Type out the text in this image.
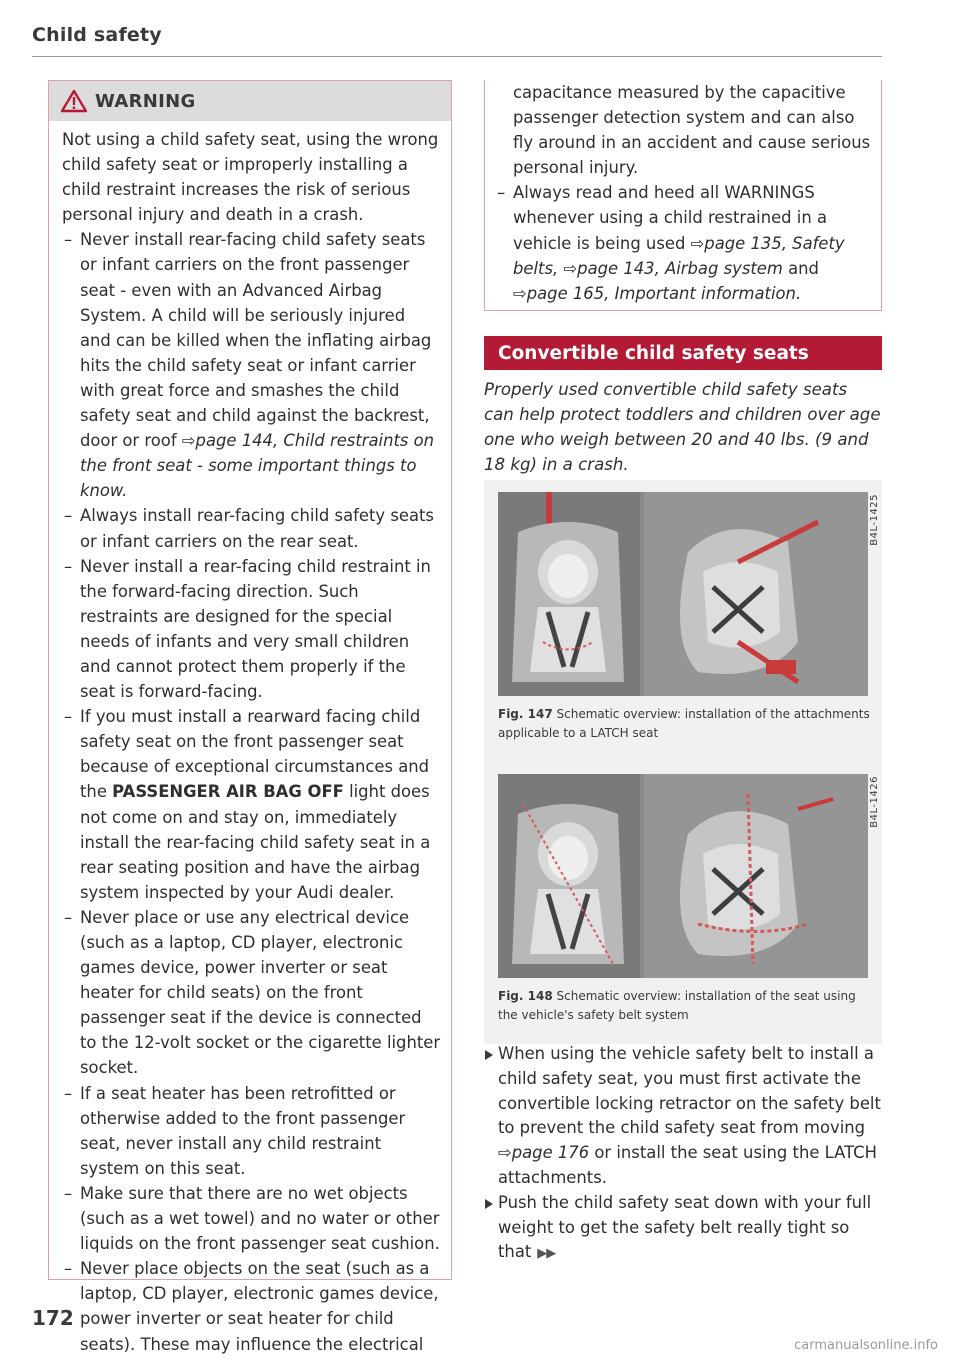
Child safety
WARNING

Not using a child safety seat, using the wrong child safety seat or improperly installing a child restraint increases the risk of serious personal injury and death in a crash.

– Never install rear-facing child safety seats or infant carriers on the front passenger seat - even with an Advanced Airbag System. A child will be seriously injured and can be killed when the inflating airbag hits the child safety seat or infant carrier with great force and smashes the child safety seat and child against the backrest, door or roof ⇨page 144, Child restraints on the front seat - some important things to know.
– Always install rear-facing child safety seats or infant carriers on the rear seat.
– Never install a rear-facing child restraint in the forward-facing direction. Such restraints are designed for the special needs of infants and very small children and cannot protect them properly if the seat is forward-facing.
– If you must install a rearward facing child safety seat on the front passenger seat because of exceptional circumstances and the PASSENGER AIR BAG OFF light does not come on and stay on, immediately install the rear-facing child safety seat in a rear seating position and have the airbag system inspected by your Audi dealer.
– Never place or use any electrical device (such as a laptop, CD player, electronic games device, power inverter or seat heater for child seats) on the front passenger seat if the device is connected to the 12-volt socket or the cigarette lighter socket.
– If a seat heater has been retrofitted or otherwise added to the front passenger seat, never install any child restraint system on this seat.
– Make sure that there are no wet objects (such as a wet towel) and no water or other liquids on the front passenger seat cushion.
– Never place objects on the seat (such as a laptop, CD player, electronic games device, power inverter or seat heater for child seats). These may influence the electrical

capacitance measured by the capacitive passenger detection system and can also fly around in an accident and cause serious personal injury.

– Always read and heed all WARNINGS whenever using a child restrained in a vehicle is being used ⇨page 135, Safety belts, ⇨page 143, Airbag system and ⇨page 165, Important information.
Convertible child safety seats
Properly used convertible child safety seats can help protect toddlers and children over age one who weigh between 20 and 40 lbs. (9 and 18 kg) in a crash.
B4L-1425
Fig. 147 Schematic overview: installation of the attachments applicable to a LATCH seat
B4L-1426
Fig. 148 Schematic overview: installation of the seat using the vehicle's safety belt system
When using the vehicle safety belt to install a child safety seat, you must first activate the convertible locking retractor on the safety belt to prevent the child safety seat from moving ⇨page 176 or install the seat using the LATCH attachments.
Push the child safety seat down with your full weight to get the safety belt really tight so that ▶▶
172
carmanualsonline.info
